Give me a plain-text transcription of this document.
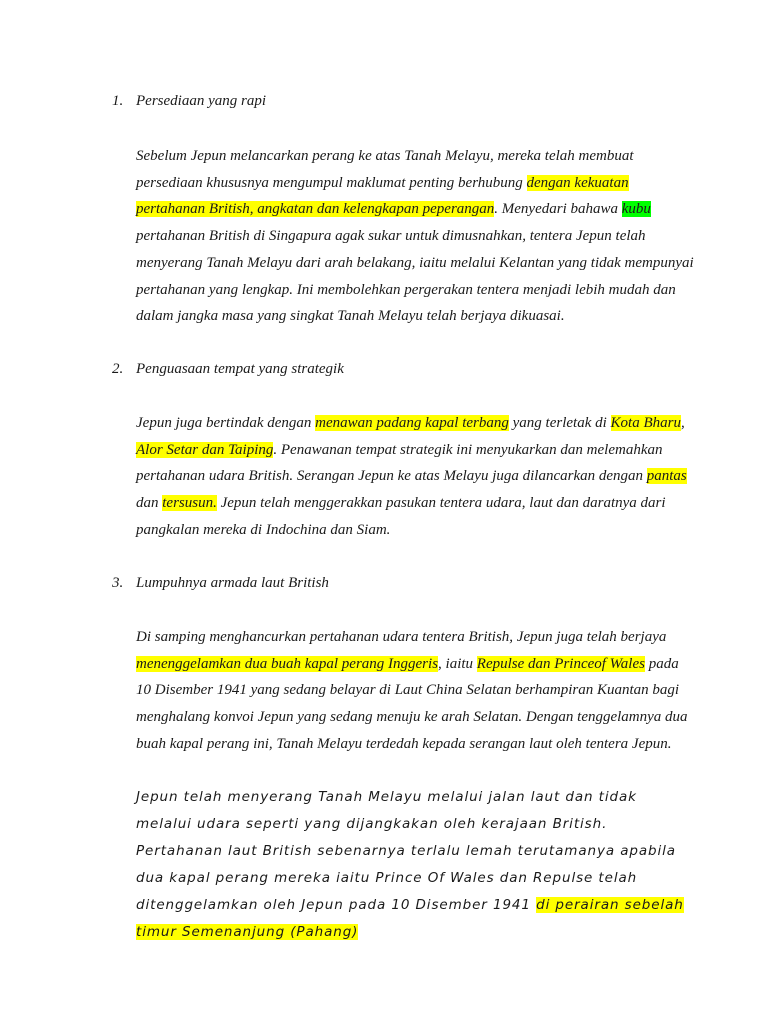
1. Persediaan yang rapi
Sebelum Jepun melancarkan perang ke atas Tanah Melayu, mereka telah membuat persediaan khususnya mengumpul maklumat penting berhubung dengan kekuatan pertahanan British, angkatan dan kelengkapan peperangan. Menyedari bahawa kubu pertahanan British di Singapura agak sukar untuk dimusnahkan, tentera Jepun telah menyerang Tanah Melayu dari arah belakang, iaitu melalui Kelantan yang tidak mempunyai pertahanan yang lengkap. Ini membolehkan pergerakan tentera menjadi lebih mudah dan dalam jangka masa yang singkat Tanah Melayu telah berjaya dikuasai.
2. Penguasaan tempat yang strategik
Jepun juga bertindak dengan menawan padang kapal terbang yang terletak di Kota Bharu, Alor Setar dan Taiping. Penawanan tempat strategik ini menyukarkan dan melemahkan pertahanan udara British. Serangan Jepun ke atas Melayu juga dilancarkan dengan pantas dan tersusun. Jepun telah menggerakkan pasukan tentera udara, laut dan daratnya dari pangkalan mereka di Indochina dan Siam.
3. Lumpuhnya armada laut British
Di samping menghancurkan pertahanan udara tentera British, Jepun juga telah berjaya menenggelamkan dua buah kapal perang Inggeris, iaitu Repulse dan Princeof Wales pada 10 Disember 1941 yang sedang belayar di Laut China Selatan berhampiran Kuantan bagi menghalang konvoi Jepun yang sedang menuju ke arah Selatan. Dengan tenggelamnya dua buah kapal perang ini, Tanah Melayu terdedah kepada serangan laut oleh tentera Jepun.
Jepun telah menyerang Tanah Melayu melalui jalan laut dan tidak melalui udara seperti yang dijangkakan oleh kerajaan British. Pertahanan laut British sebenarnya terlalu lemah terutamanya apabila dua kapal perang mereka iaitu Prince Of Wales dan Repulse telah ditenggelamkan oleh Jepun pada 10 Disember 1941 di perairan sebelah timur Semenanjung (Pahang)
